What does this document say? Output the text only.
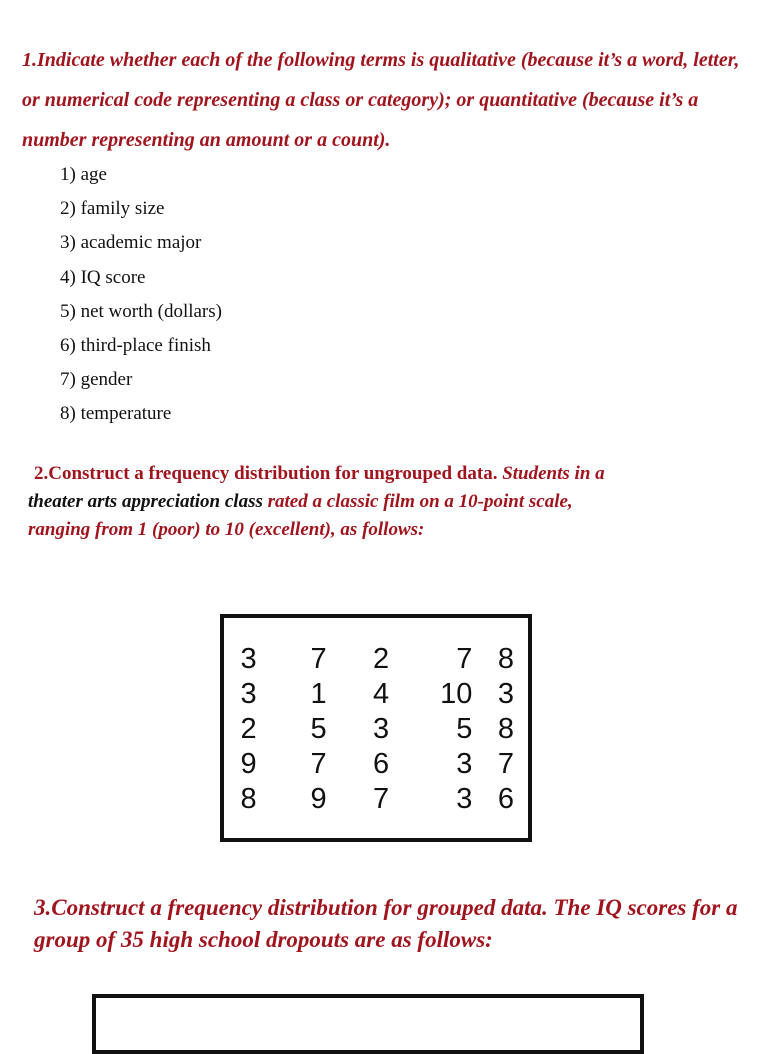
1.Indicate whether each of the following terms is qualitative (because it’s a word, letter, or numerical code representing a class or category); or quantitative (because it’s a number representing an amount or a count).
1) age
2) family size
3) academic major
4) IQ score
5) net worth (dollars)
6) third-place finish
7) gender
8) temperature
2.Construct a frequency distribution for ungrouped data. Students in a
theater arts appreciation class rated a classic film on a 10-point scale,
ranging from 1 (poor) to 10 (excellent), as follows:
3	7	2	7 8
3	1	4	10 3
2	5	3	5 8
9	7	6	3 7
8	9	7	3 6
3.Construct a frequency distribution for grouped data. The IQ scores for a group of 35 high school dropouts are as follows:
